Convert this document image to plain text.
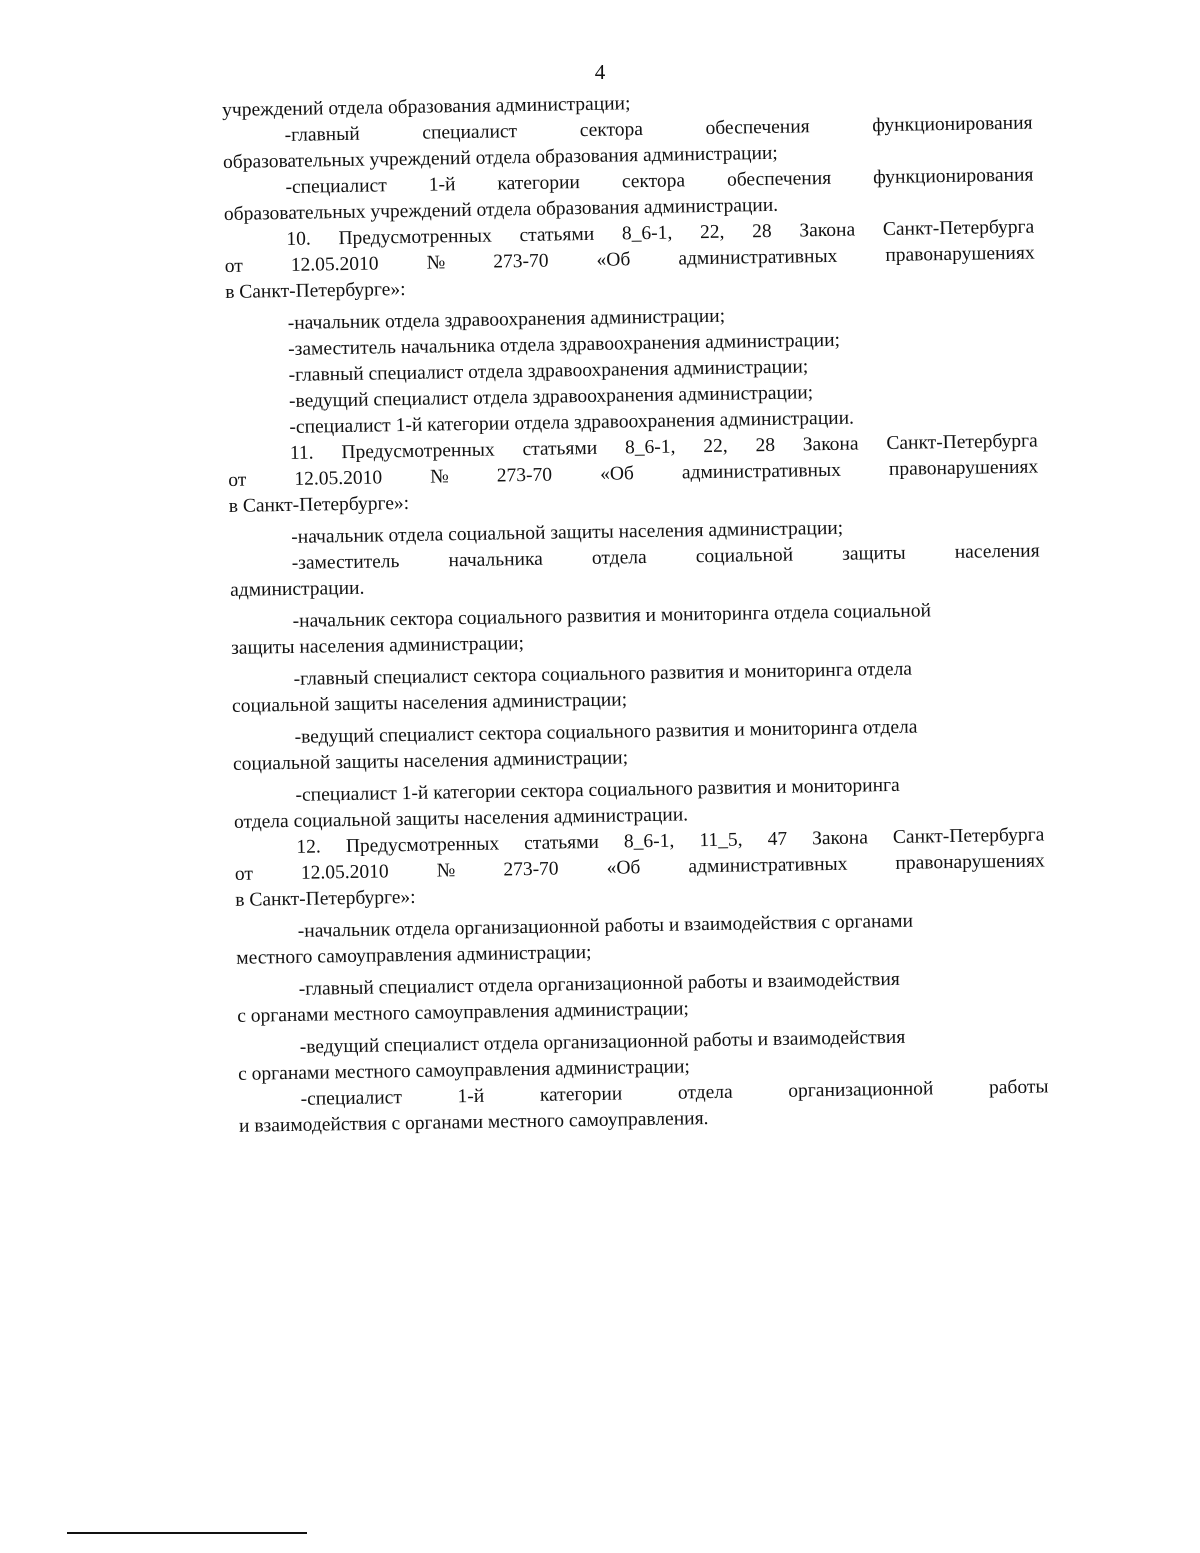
4
учреждений отдела образования администрации;
-главный	специалист	сектора	обеспечения	функционирования
образовательных учреждений отдела образования администрации;
-специалист 1-й категории сектора обеспечения функционирования
образовательных учреждений отдела образования администрации.
10. Предусмотренных статьями 8_6-1, 22, 28 Закона Санкт-Петербурга
от 12.05.2010 № 273-70 «Об административных правонарушениях
в Санкт-Петербурге»:
-начальник отдела здравоохранения администрации;
-заместитель начальника отдела здравоохранения администрации;
-главный специалист отдела здравоохранения администрации;
-ведущий специалист отдела здравоохранения администрации;
-специалист 1-й категории отдела здравоохранения администрации.
11. Предусмотренных статьями 8_6-1, 22, 28 Закона Санкт-Петербурга
от 12.05.2010 № 273-70 «Об административных правонарушениях
в Санкт-Петербурге»:
-начальник отдела социальной защиты населения администрации;
-заместитель	начальника	отдела	социальной	защиты	населения
администрации.
-начальник сектора социального развития и мониторинга отдела социальной
защиты населения администрации;
-главный специалист сектора социального развития и мониторинга отдела
социальной защиты населения администрации;
-ведущий специалист сектора социального развития и мониторинга отдела
социальной защиты населения администрации;
-специалист 1-й категории сектора социального развития и мониторинга
отдела социальной защиты населения администрации.
12. Предусмотренных статьями 8_6-1, 11_5, 47 Закона Санкт-Петербурга
от 12.05.2010 № 273-70 «Об административных правонарушениях
в Санкт-Петербурге»:
-начальник отдела организационной работы и взаимодействия с органами
местного самоуправления администрации;
-главный специалист отдела организационной работы и взаимодействия
с органами местного самоуправления администрации;
-ведущий специалист отдела организационной работы и взаимодействия
с органами местного самоуправления администрации;
-специалист	1-й	категории	отдела	организационной	работы
и взаимодействия с органами местного самоуправления.
